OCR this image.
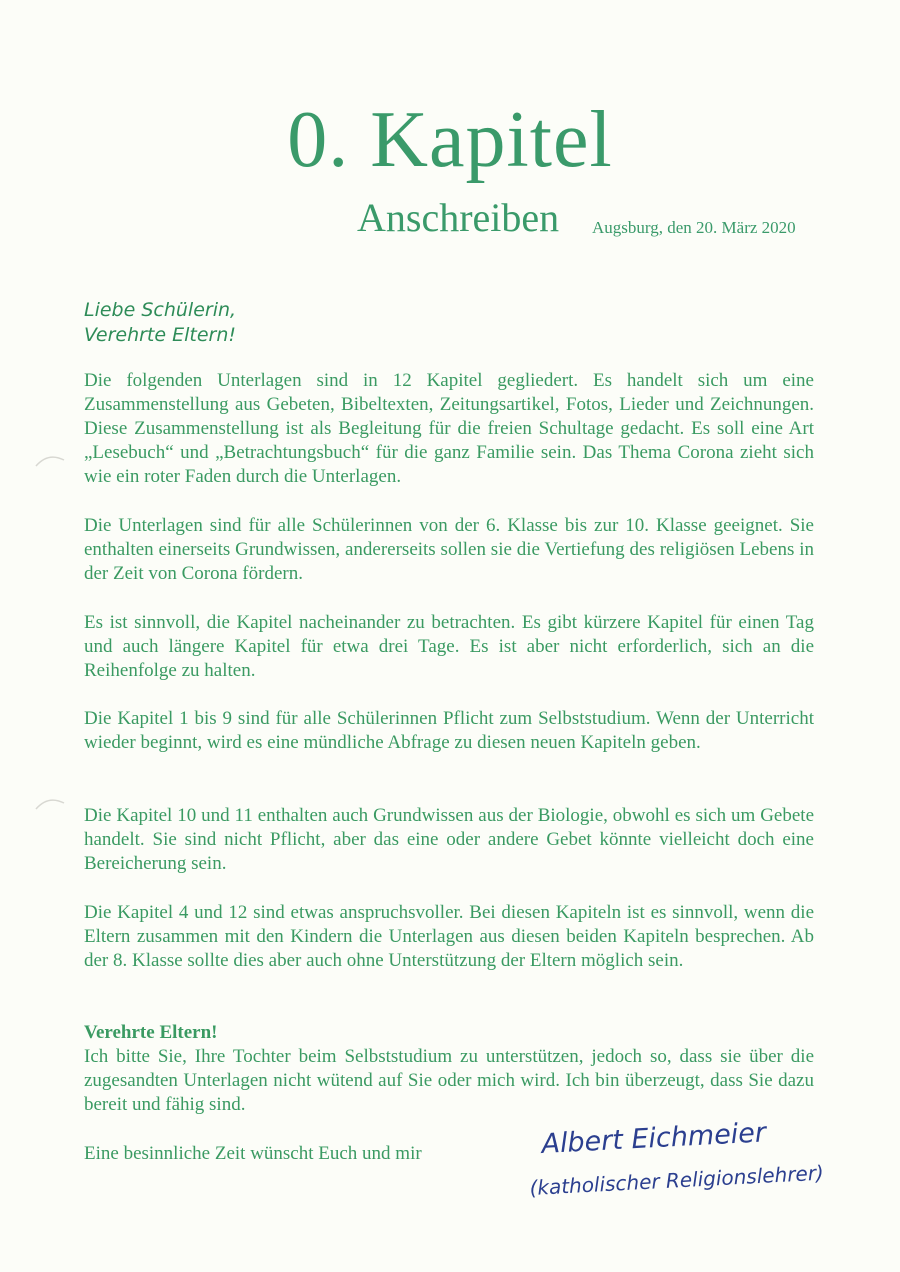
0. Kapitel
Anschreiben Augsburg, den 20. März 2020
Liebe Schülerin,
Verehrte Eltern!
Die folgenden Unterlagen sind in 12 Kapitel gegliedert. Es handelt sich um eine Zusammenstellung aus Gebeten, Bibeltexten, Zeitungsartikel, Fotos, Lieder und Zeichnungen. Diese Zusammenstellung ist als Begleitung für die freien Schultage gedacht. Es soll eine Art „Lesebuch“ und „Betrachtungsbuch“ für die ganz Familie sein. Das Thema Corona zieht sich wie ein roter Faden durch die Unterlagen.
Die Unterlagen sind für alle Schülerinnen von der 6. Klasse bis zur 10. Klasse geeignet. Sie enthalten einerseits Grundwissen, andererseits sollen sie die Vertiefung des religiösen Lebens in der Zeit von Corona fördern.
Es ist sinnvoll, die Kapitel nacheinander zu betrachten. Es gibt kürzere Kapitel für einen Tag und auch längere Kapitel für etwa drei Tage. Es ist aber nicht erforderlich, sich an die Reihenfolge zu halten.
Die Kapitel 1 bis 9 sind für alle Schülerinnen Pflicht zum Selbststudium. Wenn der Unterricht wieder beginnt, wird es eine mündliche Abfrage zu diesen neuen Kapiteln geben.
Die Kapitel 10 und 11 enthalten auch Grundwissen aus der Biologie, obwohl es sich um Gebete handelt. Sie sind nicht Pflicht, aber das eine oder andere Gebet könnte vielleicht doch eine Bereicherung sein.
Die Kapitel 4 und 12 sind etwas anspruchsvoller. Bei diesen Kapiteln ist es sinnvoll, wenn die Eltern zusammen mit den Kindern die Unterlagen aus diesen beiden Kapiteln besprechen. Ab der 8. Klasse sollte dies aber auch ohne Unterstützung der Eltern möglich sein.
Verehrte Eltern!
Ich bitte Sie, Ihre Tochter beim Selbststudium zu unterstützen, jedoch so, dass sie über die zugesandten Unterlagen nicht wütend auf Sie oder mich wird. Ich bin überzeugt, dass Sie dazu bereit und fähig sind.
Eine besinnliche Zeit wünscht Euch und mir	Albert Eichmeier
(katholischer Religionslehrer)
